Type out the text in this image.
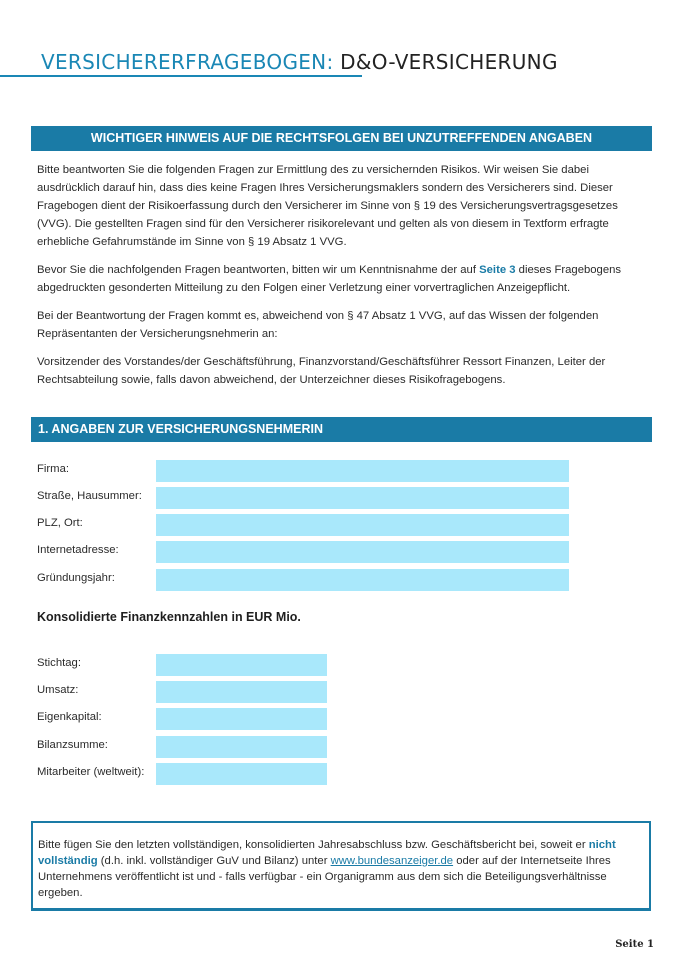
VERSICHERERFRAGEBOGEN: D&O-VERSICHERUNG
WICHTIGER HINWEIS AUF DIE RECHTSFOLGEN BEI UNZUTREFFENDEN ANGABEN
Bitte beantworten Sie die folgenden Fragen zur Ermittlung des zu versichernden Risikos. Wir weisen Sie dabei
ausdrücklich darauf hin, dass dies keine Fragen Ihres Versicherungsmaklers sondern des Versicherers sind. Dieser
Fragebogen dient der Risikoerfassung durch den Versicherer im Sinne von § 19 des Versicherungsvertragsgesetzes
(VVG). Die gestellten Fragen sind für den Versicherer risikorelevant und gelten als von diesem in Textform erfragte
erhebliche Gefahrumstände im Sinne von § 19 Absatz 1 VVG.
Bevor Sie die nachfolgenden Fragen beantworten, bitten wir um Kenntnisnahme der auf Seite 3 dieses Fragebogens
abgedruckten gesonderten Mitteilung zu den Folgen einer Verletzung einer vorvertraglichen Anzeigepflicht.
Bei der Beantwortung der Fragen kommt es, abweichend von § 47 Absatz 1 VVG, auf das Wissen der folgenden
Repräsentanten der Versicherungsnehmerin an:
Vorsitzender des Vorstandes/der Geschäftsführung, Finanzvorstand/Geschäftsführer Ressort Finanzen, Leiter der
Rechtsabteilung sowie, falls davon abweichend, der Unterzeichner dieses Risikofragebogens.
1. ANGABEN ZUR VERSICHERUNGSNEHMERIN
Firma:
Straße, Hausummer:
PLZ, Ort:
Internetadresse:
Gründungsjahr:
Konsolidierte Finanzkennzahlen in EUR Mio.
Stichtag:
Umsatz:
Eigenkapital:
Bilanzsumme:
Mitarbeiter (weltweit):
Bitte fügen Sie den letzten vollständigen, konsolidierten Jahresabschluss bzw. Geschäftsbericht bei, soweit er nicht
vollständig (d.h. inkl. vollständiger GuV und Bilanz) unter www.bundesanzeiger.de oder auf der Internetseite Ihres
Unternehmens veröffentlicht ist und - falls verfügbar - ein Organigramm aus dem sich die Beteiligungsverhältnisse
ergeben.
Seite 1
